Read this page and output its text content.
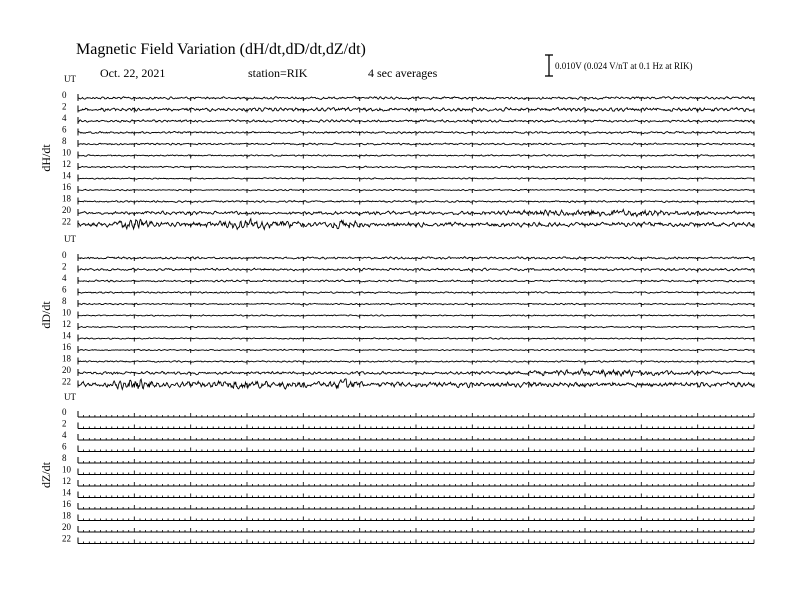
Magnetic Field Variation (dH/dt,dD/dt,dZ/dt)
Oct. 22, 2021	station=RIK	4 sec averages	0.010V (0.024 V/nT at 0.1 Hz at RIK)
UT
dH/dt
0
2
4
6
8
10
12
14
16
18
20
22
UT
dD/dt
0
2
4
6
8
10
12
14
16
18
20
22
UT
dZ/dt
0
2
4
6
8
10
12
14
16
18
20
22
